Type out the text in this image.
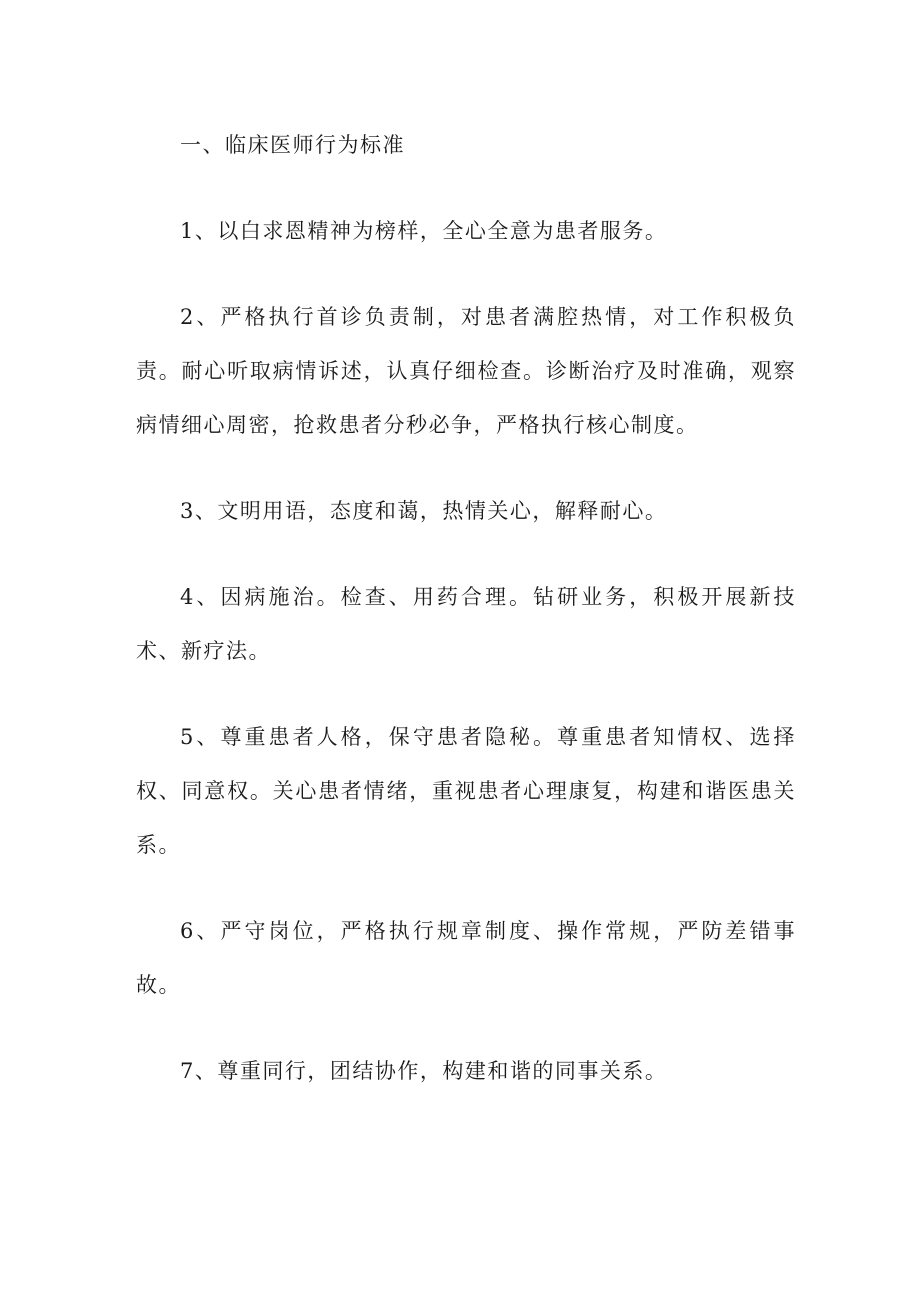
一、临床医师行为标准

1、以白求恩精神为榜样，全心全意为患者服务。

2、严格执行首诊负责制，对患者满腔热情，对工作积极负责。耐心听取病情诉述，认真仔细检查。诊断治疗及时准确，观察病情细心周密，抢救患者分秒必争，严格执行核心制度。

3、文明用语，态度和蔼，热情关心，解释耐心。

4、因病施治。检查、用药合理。钻研业务，积极开展新技术、新疗法。

5、尊重患者人格，保守患者隐秘。尊重患者知情权、选择权、同意权。关心患者情绪，重视患者心理康复，构建和谐医患关系。

6、严守岗位，严格执行规章制度、操作常规，严防差错事故。

7、尊重同行，团结协作，构建和谐的同事关系。
